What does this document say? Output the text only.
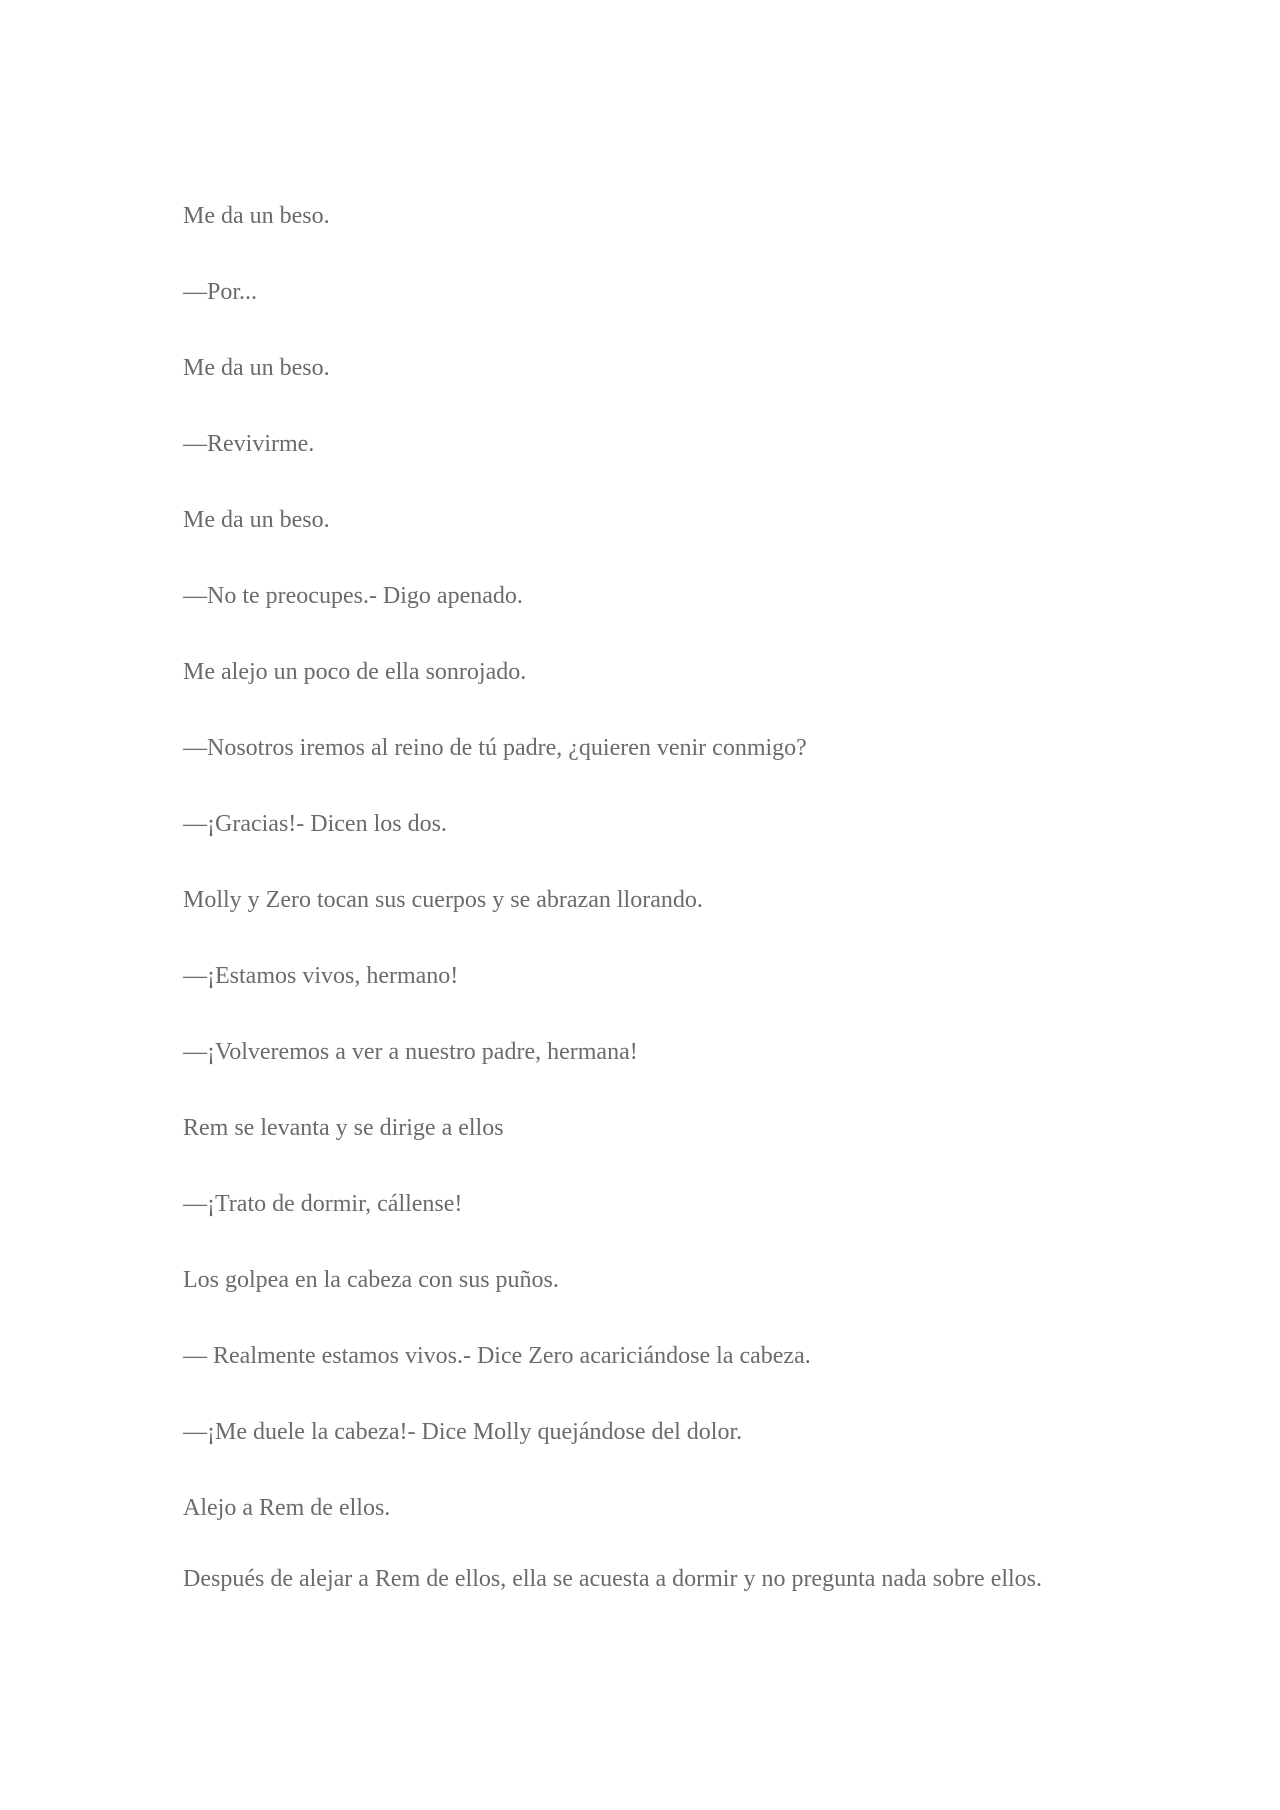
Me da un beso.

—Por...

Me da un beso.

—Revivirme.

Me da un beso.

—No te preocupes.- Digo apenado.

Me alejo un poco de ella sonrojado.

—Nosotros iremos al reino de tú padre, ¿quieren venir conmigo?

—¡Gracias!- Dicen los dos.

Molly y Zero tocan sus cuerpos y se abrazan llorando.

—¡Estamos vivos, hermano!

—¡Volveremos a ver a nuestro padre, hermana!

Rem se levanta y se dirige a ellos

—¡Trato de dormir, cállense!

Los golpea en la cabeza con sus puños.

— Realmente estamos vivos.- Dice Zero acariciándose la cabeza.

—¡Me duele la cabeza!- Dice Molly quejándose del dolor.

Alejo a Rem de ellos.

Después de alejar a Rem de ellos, ella se acuesta a dormir y no pregunta nada sobre ellos.
